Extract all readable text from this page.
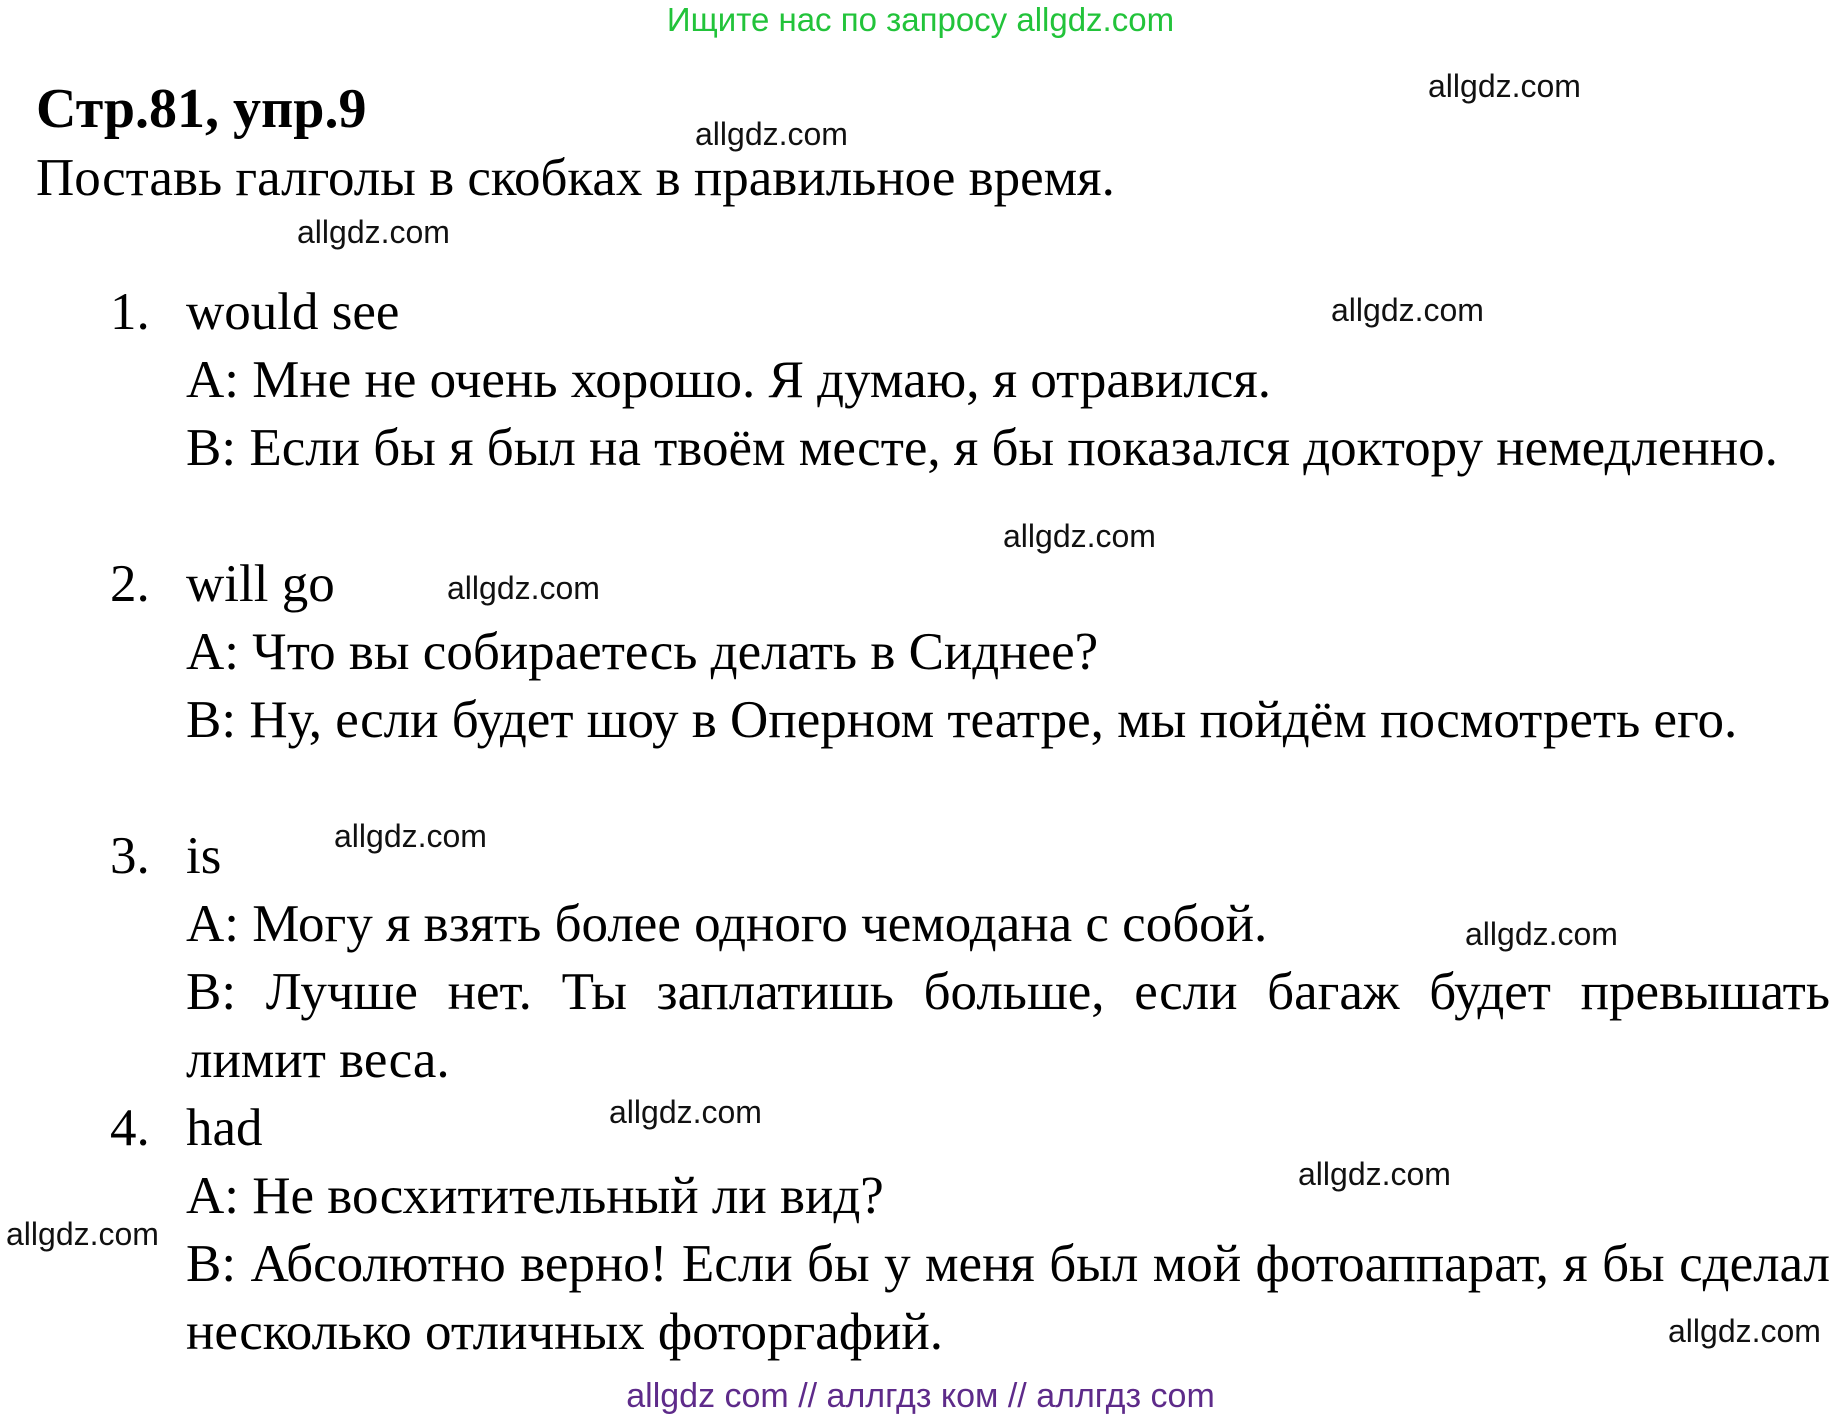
Ищите нас по запросу allgdz.com
Стр.81, упр.9
Поставь галголы в скобках в правильное время.
1. would see
А: Мне не очень хорошо. Я думаю, я отравился.
В: Если бы я был на твоём месте, я бы показался доктору немедленно.
2. will go
А: Что вы собираетесь делать в Сиднее?
В: Ну, если будет шоу в Оперном театре, мы пойдём посмотреть его.
3. is
А: Могу я взять более одного чемодана с собой.
В: Лучше нет. Ты заплатишь больше, если багаж будет превышать лимит веса.
4. had
А: Не восхитительный ли вид?
В: Абсолютно верно! Если бы у меня был мой фотоаппарат, я бы сделал несколько отличных фоторгафий.
allgdz.com
allgdz.com
allgdz.com
allgdz.com
allgdz.com
allgdz.com
allgdz.com
allgdz.com
allgdz.com
allgdz.com
allgdz.com
allgdz.com
allgdz com // аллгдз ком // аллгдз com
